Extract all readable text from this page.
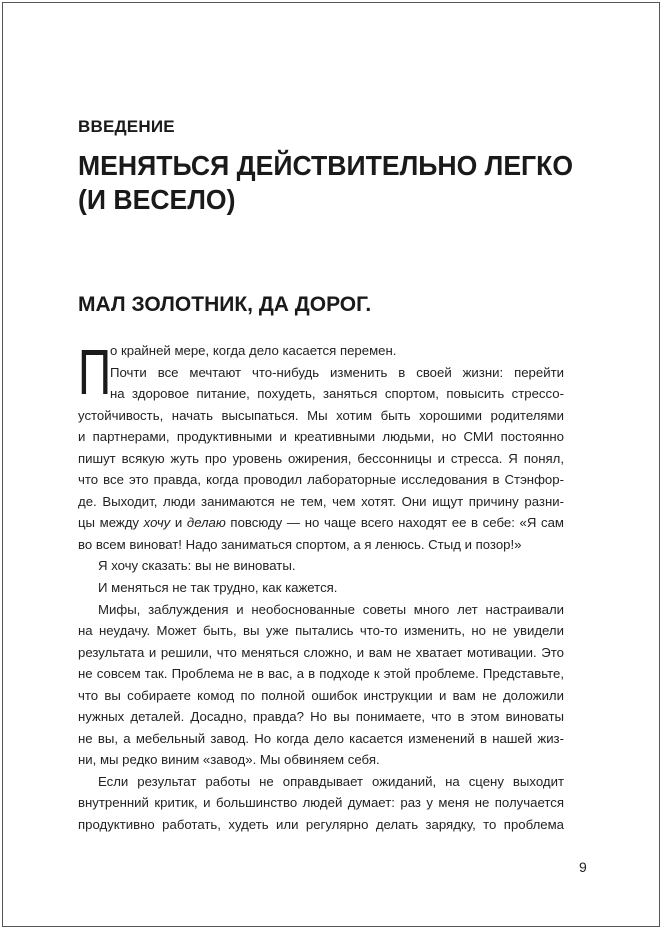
ВВЕДЕНИЕ

МЕНЯТЬСЯ ДЕЙСТВИТЕЛЬНО ЛЕГКО
(И ВЕСЕЛО)
МАЛ ЗОЛОТНИК, ДА ДОРОГ.
П
о крайней мере, когда дело касается перемен.
Почти все мечтают что-нибудь изменить в своей жизни: перейти
на здоровое питание, похудеть, заняться спортом, повысить стрессо-
устойчивость, начать высыпаться. Мы хотим быть хорошими родителями
и партнерами, продуктивными и креативными людьми, но СМИ постоянно
пишут всякую жуть про уровень ожирения, бессонницы и стресса. Я понял,
что все это правда, когда проводил лабораторные исследования в Стэнфор-
де. Выходит, люди занимаются не тем, чем хотят. Они ищут причину разни-
цы между хочу и делаю повсюду — но чаще всего находят ее в себе: «Я сам
во всем виноват! Надо заниматься спортом, а я ленюсь. Стыд и позор!»
Я хочу сказать: вы не виноваты.
И меняться не так трудно, как кажется.
Мифы, заблуждения и необоснованные советы много лет настраивали
на неудачу. Может быть, вы уже пытались что-то изменить, но не увидели
результата и решили, что меняться сложно, и вам не хватает мотивации. Это
не совсем так. Проблема не в вас, а в подходе к этой проблеме. Представьте,
что вы собираете комод по полной ошибок инструкции и вам не доложили
нужных деталей. Досадно, правда? Но вы понимаете, что в этом виноваты
не вы, а мебельный завод. Но когда дело касается изменений в нашей жиз-
ни, мы редко виним «завод». Мы обвиняем себя.
Если результат работы не оправдывает ожиданий, на сцену выходит
внутренний критик, и большинство людей думает: раз у меня не получается
продуктивно работать, худеть или регулярно делать зарядку, то проблема
9
